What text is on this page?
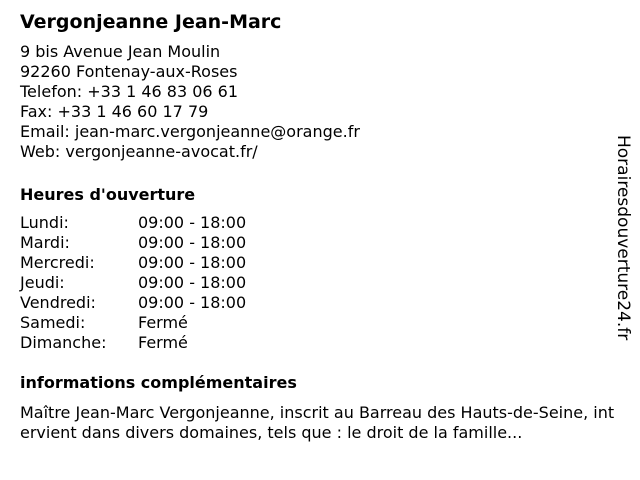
Vergonjeanne Jean-Marc
9 bis Avenue Jean Moulin
92260 Fontenay-aux-Roses
Telefon: +33 1 46 83 06 61
Fax: +33 1 46 60 17 79
Email: jean-marc.vergonjeanne@orange.fr
Web: vergonjeanne-avocat.fr/
Heures d'ouverture
Lundi:	09:00 - 18:00
Mardi:	09:00 - 18:00
Mercredi:	09:00 - 18:00
Jeudi:	09:00 - 18:00
Vendredi:	09:00 - 18:00
Samedi:	Fermé
Dimanche:	Fermé
informations complémentaires
Maître Jean-Marc Vergonjeanne, inscrit au Barreau des Hauts-de-Seine, intervient dans divers domaines, tels que : le droit de la famille...
Horairesdouverture24.fr
